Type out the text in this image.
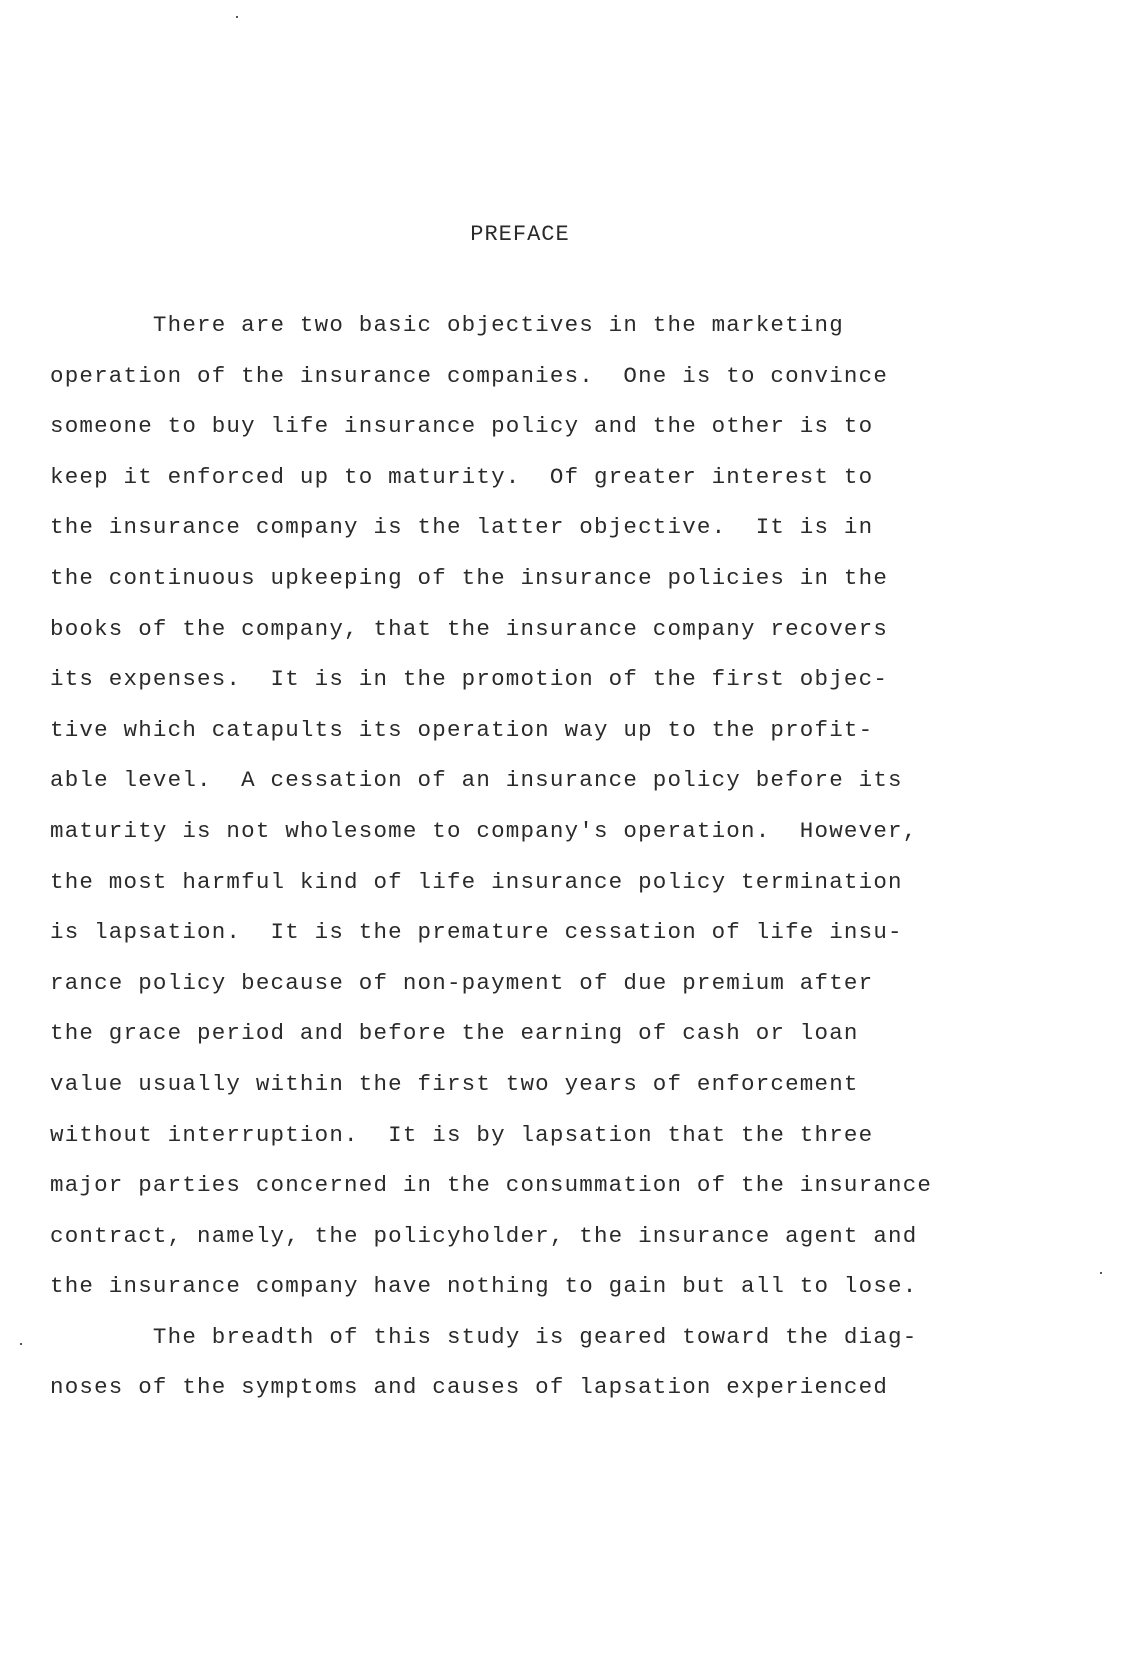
PREFACE
There are two basic objectives in the marketing
operation of the insurance companies.  One is to convince
someone to buy life insurance policy and the other is to
keep it enforced up to maturity.  Of greater interest to
the insurance company is the latter objective.  It is in
the continuous upkeeping of the insurance policies in the
books of the company, that the insurance company recovers
its expenses.  It is in the promotion of the first objec-
tive which catapults its operation way up to the profit-
able level.  A cessation of an insurance policy before its
maturity is not wholesome to company's operation.  However,
the most harmful kind of life insurance policy termination
is lapsation.  It is the premature cessation of life insu-
rance policy because of non-payment of due premium after
the grace period and before the earning of cash or loan
value usually within the first two years of enforcement
without interruption.  It is by lapsation that the three
major parties concerned in the consummation of the insurance
contract, namely, the policyholder, the insurance agent and
the insurance company have nothing to gain but all to lose.
The breadth of this study is geared toward the diag-
noses of the symptoms and causes of lapsation experienced
